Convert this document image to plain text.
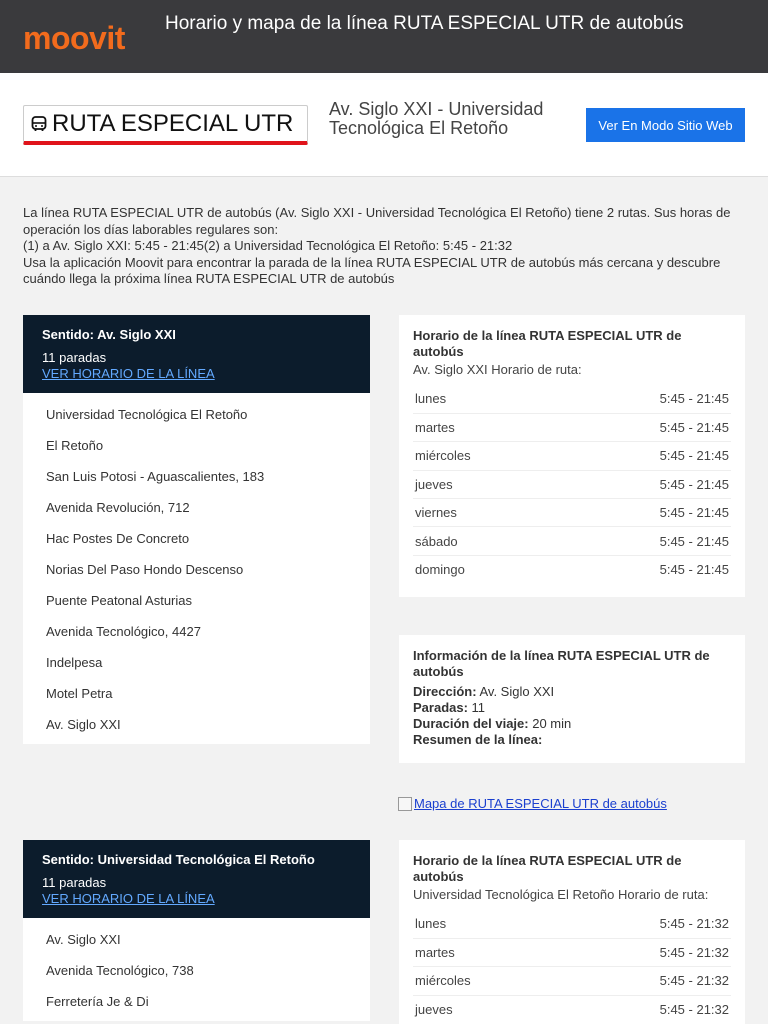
moovit Horario y mapa de la línea RUTA ESPECIAL UTR de autobús
RUTA ESPECIAL UTR
Av. Siglo XXI - Universidad Tecnológica El Retoño	Ver En Modo Sitio Web

La línea RUTA ESPECIAL UTR de autobús (Av. Siglo XXI - Universidad Tecnológica El Retoño) tiene 2 rutas. Sus horas de operación los días laborables regulares son:

(1) a Av. Siglo XXI: 5:45 - 21:45(2) a Universidad Tecnológica El Retoño: 5:45 - 21:32

Usa la aplicación Moovit para encontrar la parada de la línea RUTA ESPECIAL UTR de autobús más cercana y descubre cuándo llega la próxima línea RUTA ESPECIAL UTR de autobús

Sentido: Av. Siglo XXI
11 paradas
VER HORARIO DE LA LÍNEA
Universidad Tecnológica El Retoño
El Retoño
San Luis Potosi - Aguascalientes, 183
Avenida Revolución, 712
Hac Postes De Concreto
Norias Del Paso Hondo Descenso
Puente Peatonal Asturias
Avenida Tecnológico, 4427
Indelpesa
Motel Petra
Av. Siglo XXI
Horario de la línea RUTA ESPECIAL UTR de autobús
Av. Siglo XXI Horario de ruta:
lunes	5:45 - 21:45
martes	5:45 - 21:45
miércoles	5:45 - 21:45
jueves	5:45 - 21:45
viernes	5:45 - 21:45
sábado	5:45 - 21:45
domingo	5:45 - 21:45
Información de la línea RUTA ESPECIAL UTR de autobús
Dirección: Av. Siglo XXI
Paradas: 11
Duración del viaje: 20 min
Resumen de la línea:
Mapa de RUTA ESPECIAL UTR de autobús
Sentido: Universidad Tecnológica El Retoño
11 paradas
VER HORARIO DE LA LÍNEA
Av. Siglo XXI
Avenida Tecnológico, 738
Ferretería Je & Di
Horario de la línea RUTA ESPECIAL UTR de autobús
Universidad Tecnológica El Retoño Horario de ruta:
lunes	5:45 - 21:32
martes	5:45 - 21:32
miércoles	5:45 - 21:32
jueves	5:45 - 21:32
